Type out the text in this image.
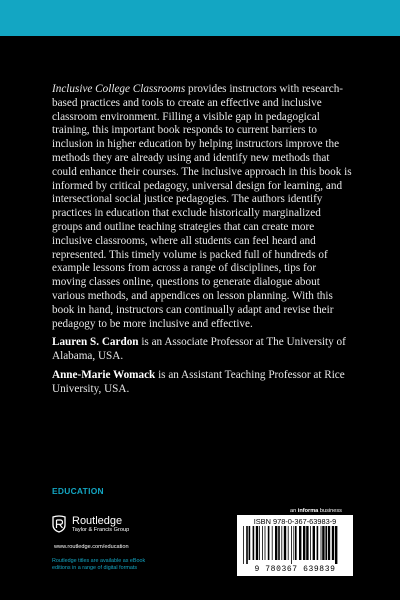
Inclusive College Classrooms provides instructors with research-based practices and tools to create an effective and inclusive classroom environment. Filling a visible gap in pedagogical training, this important book responds to current barriers to inclusion in higher education by helping instructors improve the methods they are already using and identify new methods that could enhance their courses. The inclusive approach in this book is informed by critical pedagogy, universal design for learning, and intersectional social justice pedagogies. The authors identify practices in education that exclude historically marginalized groups and outline teaching strategies that can create more inclusive classrooms, where all students can feel heard and represented. This timely volume is packed full of hundreds of example lessons from across a range of disciplines, tips for moving classes online, questions to generate dialogue about various methods, and appendices on lesson planning. With this book in hand, instructors can continually adapt and revise their pedagogy to be more inclusive and effective.

Lauren S. Cardon is an Associate Professor at The University of Alabama, USA.

Anne-Marie Womack is an Assistant Teaching Professor at Rice University, USA.

EDUCATION
Routledge
Taylor & Francis Group
www.routledge.com/education

Routledge titles are available as eBook editions in a range of digital formats

an informa business
ISBN 978-0-367-63983-9
9 780367 639839
